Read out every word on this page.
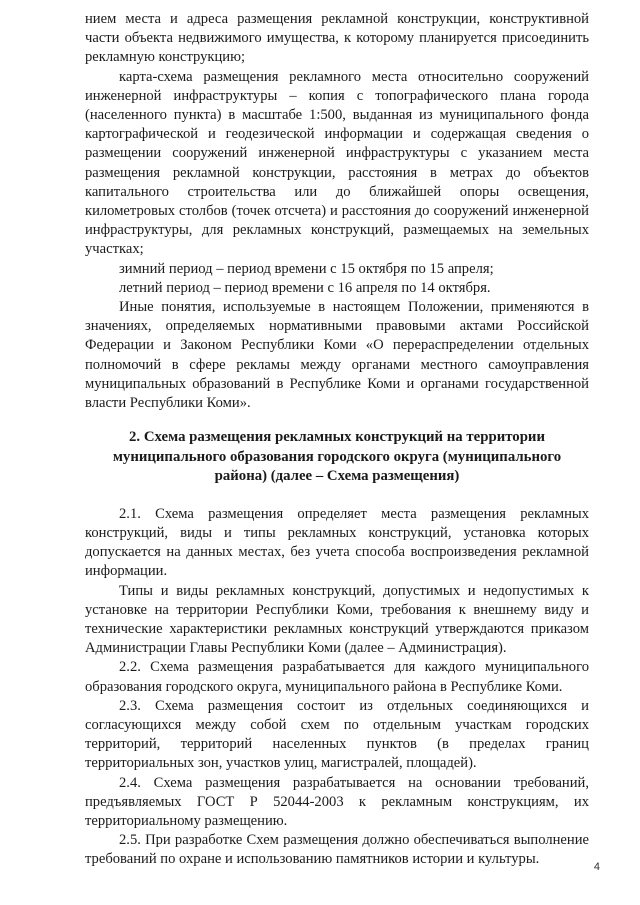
нием места и адреса размещения рекламной конструкции, конструктивной части объекта недвижимого имущества, к которому планируется присоединить рекламную конструкцию;

карта-схема размещения рекламного места относительно сооружений инженерной инфраструктуры – копия с топографического плана города (населенного пункта) в масштабе 1:500, выданная из муниципального фонда картографической и геодезической информации и содержащая сведения о размещении сооружений инженерной инфраструктуры с указанием места размещения рекламной конструкции, расстояния в метрах до объектов капитального строительства или до ближайшей опоры освещения, километровых столбов (точек отсчета) и расстояния до сооружений инженерной инфраструктуры, для рекламных конструкций, размещаемых на земельных участках;

зимний период – период времени с 15 октября по 15 апреля;

летний период – период времени с 16 апреля по 14 октября.

Иные понятия, используемые в настоящем Положении, применяются в значениях, определяемых нормативными правовыми актами Российской Федерации и Законом Республики Коми «О перераспределении отдельных полномочий в сфере рекламы между органами местного самоуправления муниципальных образований в Республике Коми и органами государственной власти Республики Коми».

2. Схема размещения рекламных конструкций на территории муниципального образования городского округа (муниципального района) (далее – Схема размещения)

2.1. Схема размещения определяет места размещения рекламных конструкций, виды и типы рекламных конструкций, установка которых допускается на данных местах, без учета способа воспроизведения рекламной информации.

Типы и виды рекламных конструкций, допустимых и недопустимых к установке на территории Республики Коми, требования к внешнему виду и технические характеристики рекламных конструкций утверждаются приказом Администрации Главы Республики Коми (далее – Администрация).

2.2. Схема размещения разрабатывается для каждого муниципального образования городского округа, муниципального района в Республике Коми.

2.3. Схема размещения состоит из отдельных соединяющихся и согласующихся между собой схем по отдельным участкам городских территорий, территорий населенных пунктов (в пределах границ территориальных зон, участков улиц, магистралей, площадей).

2.4. Схема размещения разрабатывается на основании требований, предъявляемых ГОСТ Р 52044-2003 к рекламным конструкциям, их территориальному размещению.

2.5. При разработке Схем размещения должно обеспечиваться выполнение требований по охране и использованию памятников истории и культуры.	4
